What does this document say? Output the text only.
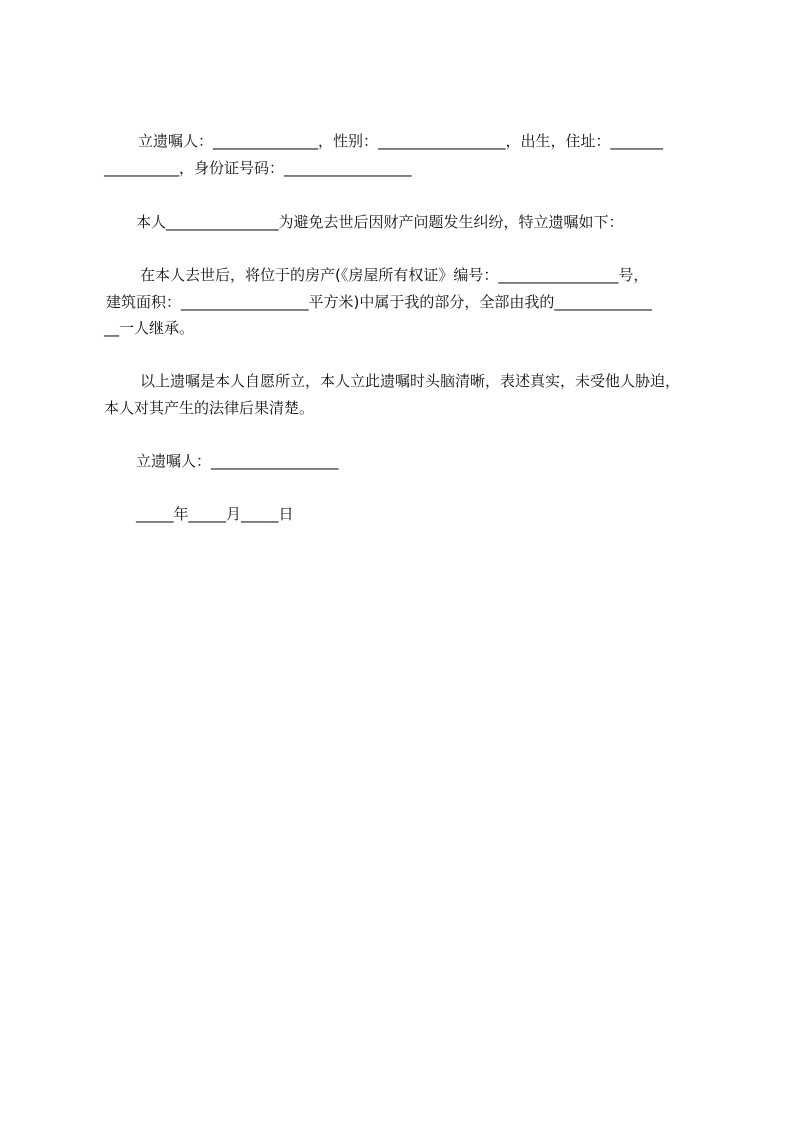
立遗嘱人：______________，性别：_________________，出生，住址：_______
__________，身份证号码：_________________
本人_______________为避免去世后因财产问题发生纠纷，特立遗嘱如下：
在本人去世后，将位于的房产(《房屋所有权证》编号：________________号，
建筑面积：_________________平方米)中属于我的部分，全部由我的_____________
__一人继承。
以上遗嘱是本人自愿所立，本人立此遗嘱时头脑清晰，表述真实，未受他人胁迫，
本人对其产生的法律后果清楚。
立遗嘱人：_________________
_____年_____月_____日
